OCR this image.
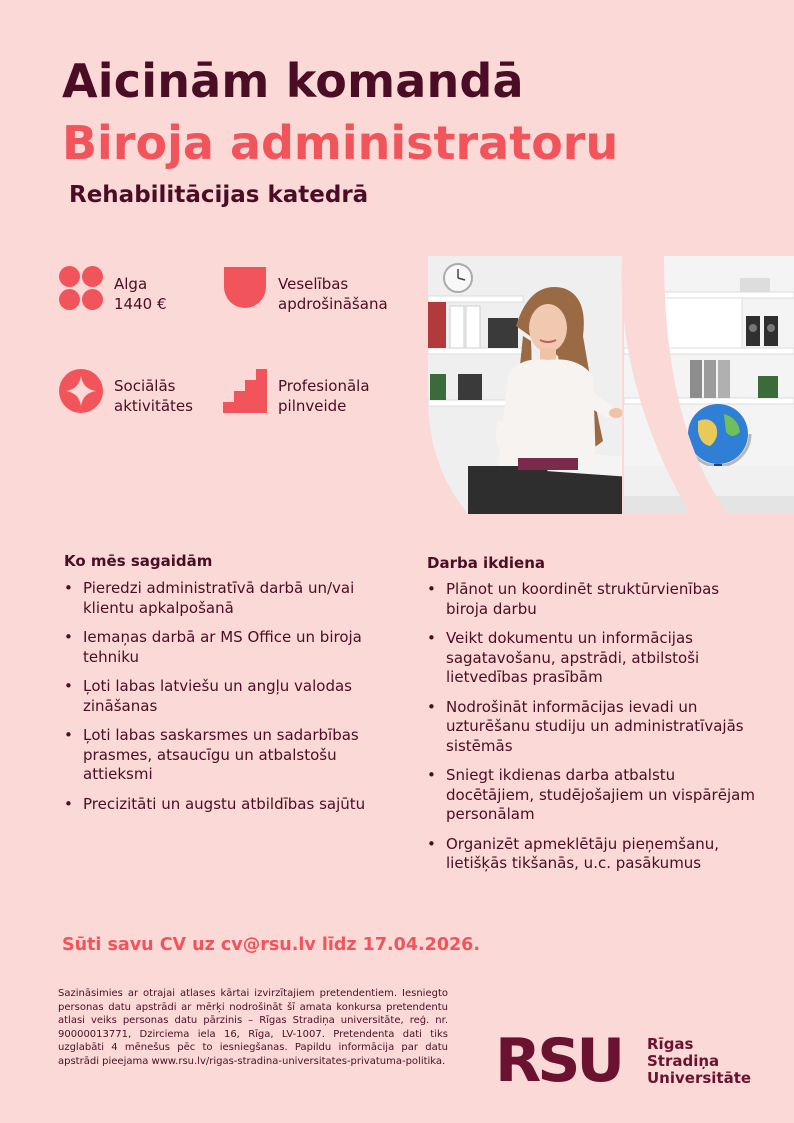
Aicinām komandā
Biroja administratoru
Rehabilitācijas katedrā
Alga
1440 €
Veselības
apdrošināšana
Sociālās
aktivitātes
Profesionāla
pilnveide
Ko mēs sagaidām
• Pieredzi administratīvā darbā un/vai klientu apkalpošanā
• Iemaņas darbā ar MS Office un biroja tehniku
• Ļoti labas latviešu un angļu valodas zināšanas
• Ļoti labas saskarsmes un sadarbības prasmes, atsaucīgu un atbalstošu attieksmi
• Precizitāti un augstu atbildības sajūtu
Darba ikdiena
• Plānot un koordinēt struktūrvienības biroja darbu
• Veikt dokumentu un informācijas sagatavošanu, apstrādi, atbilstoši lietvedības prasībām
• Nodrošināt informācijas ievadi un uzturēšanu studiju un administratīvajās sistēmās
• Sniegt ikdienas darba atbalstu docētājiem, studējošajiem un vispārējam personālam
• Organizēt apmeklētāju pieņemšanu, lietišķās tikšanās, u.c. pasākumus
Sūti savu CV uz cv@rsu.lv līdz 17.04.2026.
Sazināsimies ar otrajai atlases kārtai izvirzītajiem pretendentiem. Iesniegto personas datu apstrādi ar mērķi nodrošināt šī amata konkursa pretendentu atlasi veiks personas datu pārzinis – Rīgas Stradiņa universitāte, reģ. nr. 90000013771, Dzirciema iela 16, Rīga, LV-1007. Pretendenta dati tiks uzglabāti 4 mēnešus pēc to iesniegšanas. Papildu informācija par datu apstrādi pieejama www.rsu.lv/rigas-stradina-universitates-privatuma-politika. RSU Rīgas
Stradiņa
Universitāte
